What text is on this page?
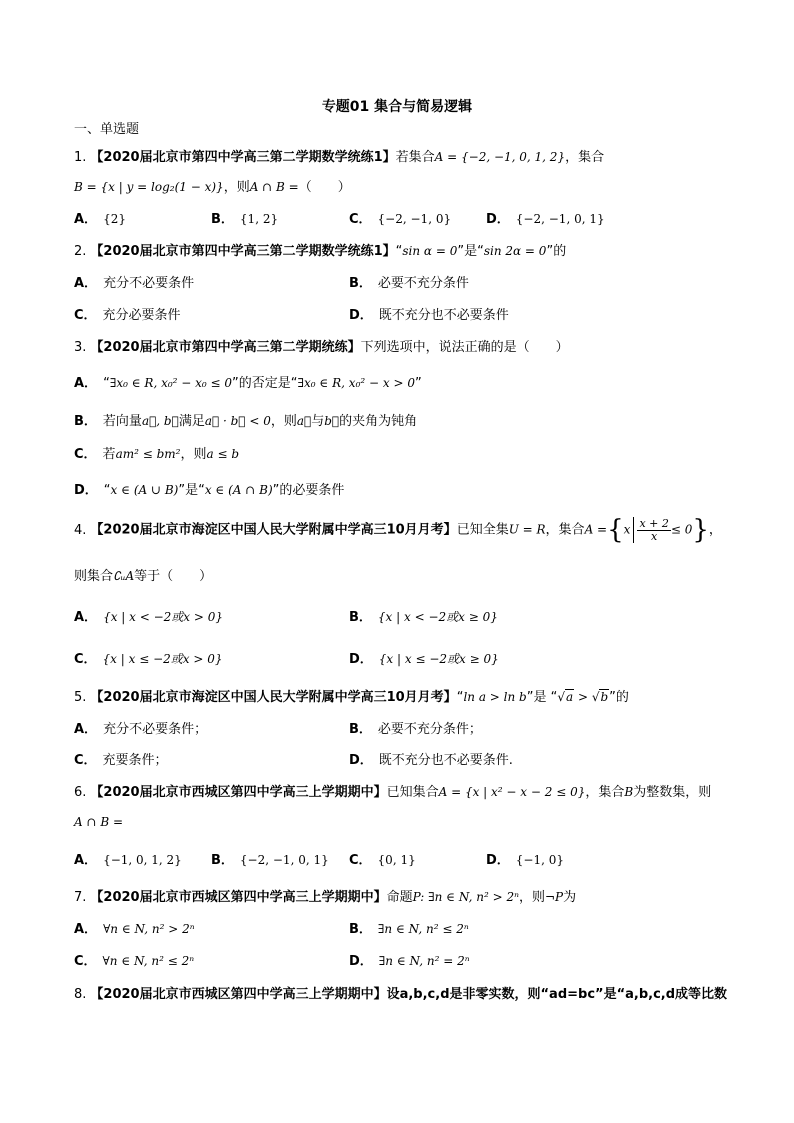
专题01 集合与简易逻辑
一、单选题
1. 【2020届北京市第四中学高三第二学期数学统练1】若集合A = {−2, −1, 0, 1, 2}，集合
B = {x | y = log₂(1 − x)}，则A ∩ B =（　　）
A． {2}	B． {1, 2}	C． {−2, −1, 0}	D． {−2, −1, 0, 1}
2. 【2020届北京市第四中学高三第二学期数学统练1】“sin α = 0”是“sin 2α = 0”的
A． 充分不必要条件	B． 必要不充分条件
C． 充分必要条件	D． 既不充分也不必要条件
3. 【2020届北京市第四中学高三第二学期统练】下列选项中，说法正确的是（　　）
A． “∃x₀ ∈ R, x₀² − x₀ ≤ 0”的否定是“∃x₀ ∈ R, x₀² − x > 0”
B． 若向量a⃗, b⃗满足a⃗ · b⃗ < 0，则a⃗与b⃗的夹角为钝角
C． 若am² ≤ bm²，则a ≤ b
D． “x ∈ (A ∪ B)”是“x ∈ (A ∩ B)”的必要条件
4. 【2020届北京市海淀区中国人民大学附属中学高三10月月考】已知全集U = R，集合$A =\{x \frac{x + 2}{x} \le 0\}$，
则集合∁ᵤA等于（　　）
A． {x | x < −2或x > 0}	B． {x | x < −2或x ≥ 0}
C． {x | x ≤ −2或x > 0}	D． {x | x ≤ −2或x ≥ 0}
5. 【2020届北京市海淀区中国人民大学附属中学高三10月月考】“ln a > ln b”是 “√a > √b”的
A． 充分不必要条件；	B． 必要不充分条件；
C． 充要条件；	D． 既不充分也不必要条件.
6. 【2020届北京市西城区第四中学高三上学期期中】已知集合A = {x | x² − x − 2 ≤ 0}，集合B为整数集，则
A ∩ B =
A． {−1, 0, 1, 2} B． {−2, −1, 0, 1} C． {0, 1}	D． {−1, 0}
7. 【2020届北京市西城区第四中学高三上学期期中】命题P: ∃n ∈ N, n² > 2ⁿ，则¬P为
A． ∀n ∈ N, n² > 2ⁿ	B． ∃n ∈ N, n² ≤ 2ⁿ
C． ∀n ∈ N, n² ≤ 2ⁿ	D． ∃n ∈ N, n² = 2ⁿ
8. 【2020届北京市西城区第四中学高三上学期期中】设a,b,c,d是非零实数，则“ad=bc”是“a,b,c,d成等比数
